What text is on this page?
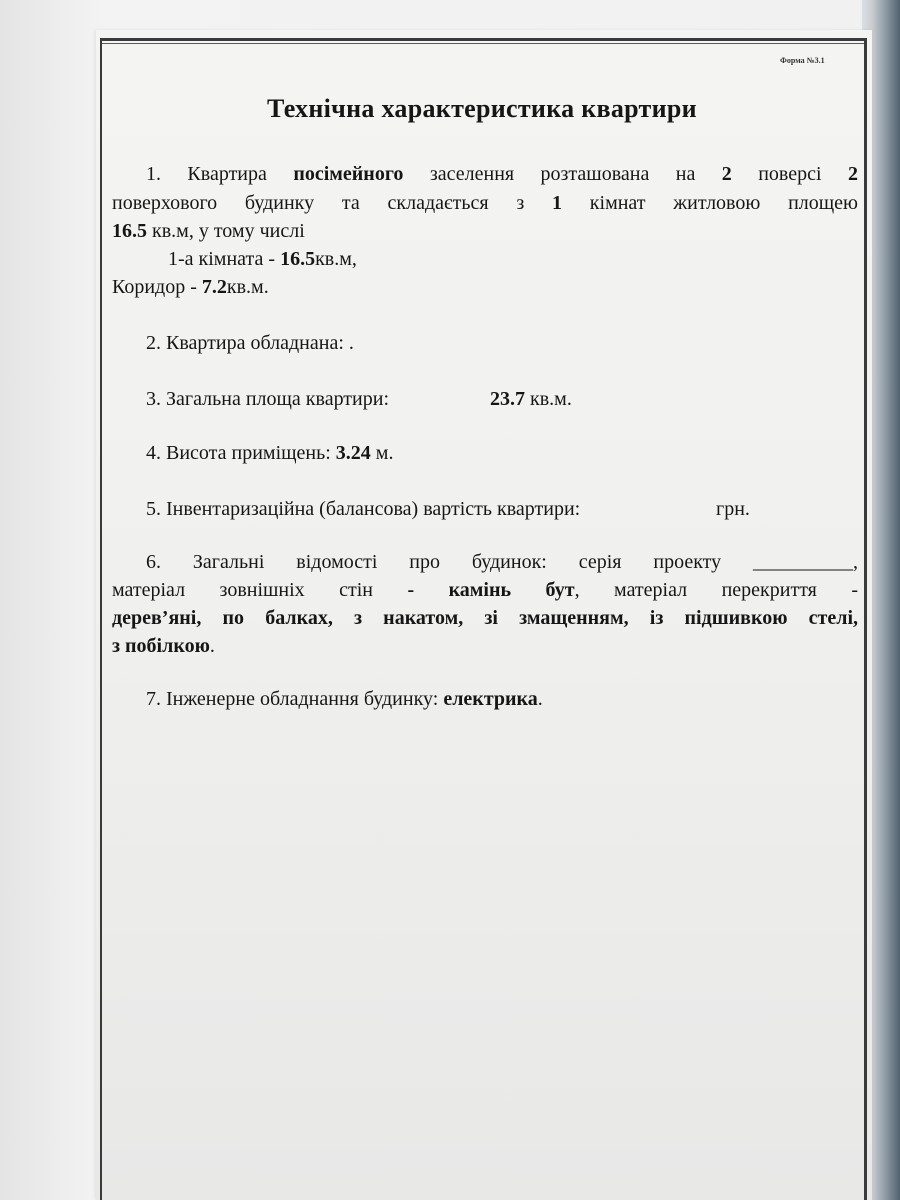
Форма №3.1
Технічна характеристика квартири
1. Квартира посімейного заселення розташована на 2 поверсі 2
поверхового будинку та складається з 1 кімнат житловою площею
16.5 кв.м, у тому числі
1-а кімната - 16.5кв.м,
Коридор - 7.2кв.м.
2. Квартира обладнана: .
3. Загальна площа квартири:	23.7 кв.м.
4. Висота приміщень: 3.24 м.
5. Інвентаризаційна (балансова) вартість квартири:	грн.
6. Загальні відомості про будинок: серія проекту __________,
матеріал зовнішніх стін - камінь бут, матеріал перекриття -
дерев’яні, по балках, з накатом, зі змащенням, із підшивкою стелі,
з побілкою.
7. Інженерне обладнання будинку: електрика.
